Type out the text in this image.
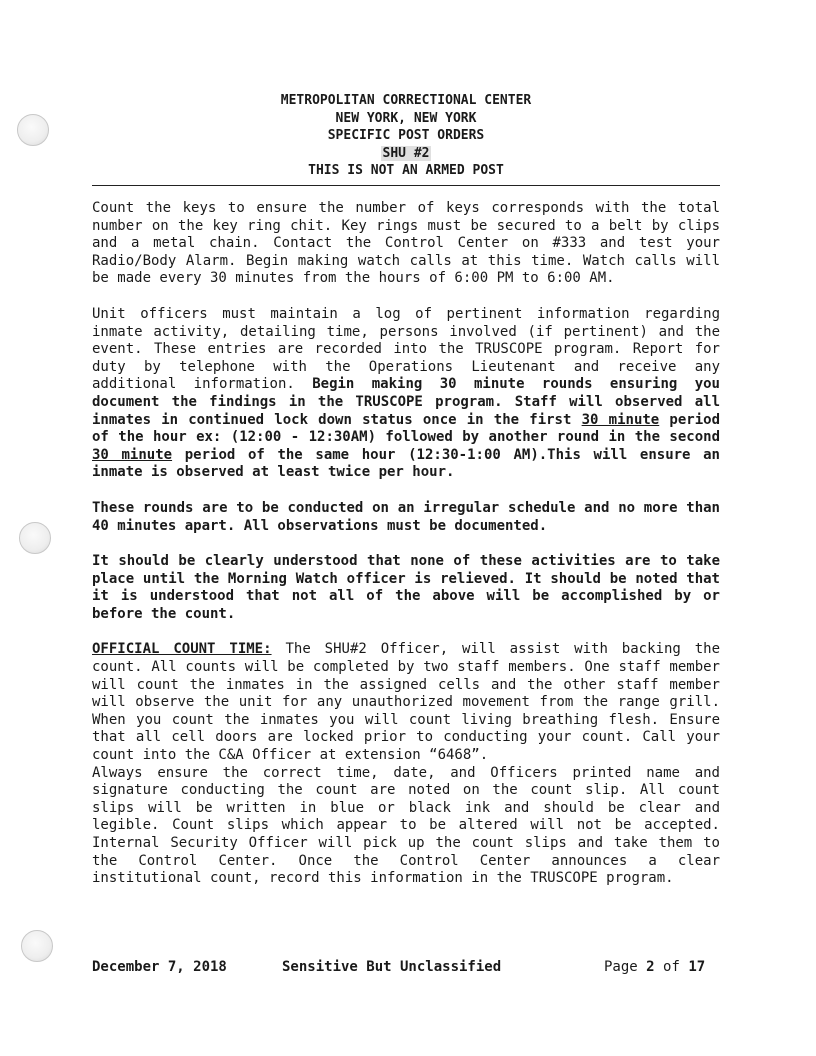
METROPOLITAN CORRECTIONAL CENTER
NEW YORK, NEW YORK
SPECIFIC POST ORDERS
SHU #2
THIS IS NOT AN ARMED POST

Count the keys to ensure the number of keys corresponds with the total number on the key ring chit. Key rings must be secured to a belt by clips and a metal chain. Contact the Control Center on #333 and test your Radio/Body Alarm. Begin making watch calls at this time. Watch calls will be made every 30 minutes from the hours of 6:00 PM to 6:00 AM.

Unit officers must maintain a log of pertinent information regarding inmate activity, detailing time, persons involved (if pertinent) and the event. These entries are recorded into the TRUSCOPE program. Report for duty by telephone with the Operations Lieutenant and receive any additional information. Begin making 30 minute rounds ensuring you document the findings in the TRUSCOPE program. Staff will observed all inmates in continued lock down status once in the first 30 minute period of the hour ex: (12:00 - 12:30AM) followed by another round in the second 30 minute period of the same hour (12:30-1:00 AM).This will ensure an inmate is observed at least twice per hour.

These rounds are to be conducted on an irregular schedule and no more than 40 minutes apart. All observations must be documented.

It should be clearly understood that none of these activities are to take place until the Morning Watch officer is relieved. It should be noted that it is understood that not all of the above will be accomplished by or before the count.

OFFICIAL COUNT TIME: The SHU#2 Officer, will assist with backing the count. All counts will be completed by two staff members. One staff member will count the inmates in the assigned cells and the other staff member will observe the unit for any unauthorized movement from the range grill. When you count the inmates you will count living breathing flesh. Ensure that all cell doors are locked prior to conducting your count. Call your count into the C&A Officer at extension “6468”.

Always ensure the correct time, date, and Officers printed name and signature conducting the count are noted on the count slip. All count slips will be written in blue or black ink and should be clear and legible. Count slips which appear to be altered will not be accepted. Internal Security Officer will pick up the count slips and take them to the Control Center. Once the Control Center announces a clear institutional count, record this information in the TRUSCOPE program.

December 7, 2018	Sensitive But Unclassified	Page 2 of 17
